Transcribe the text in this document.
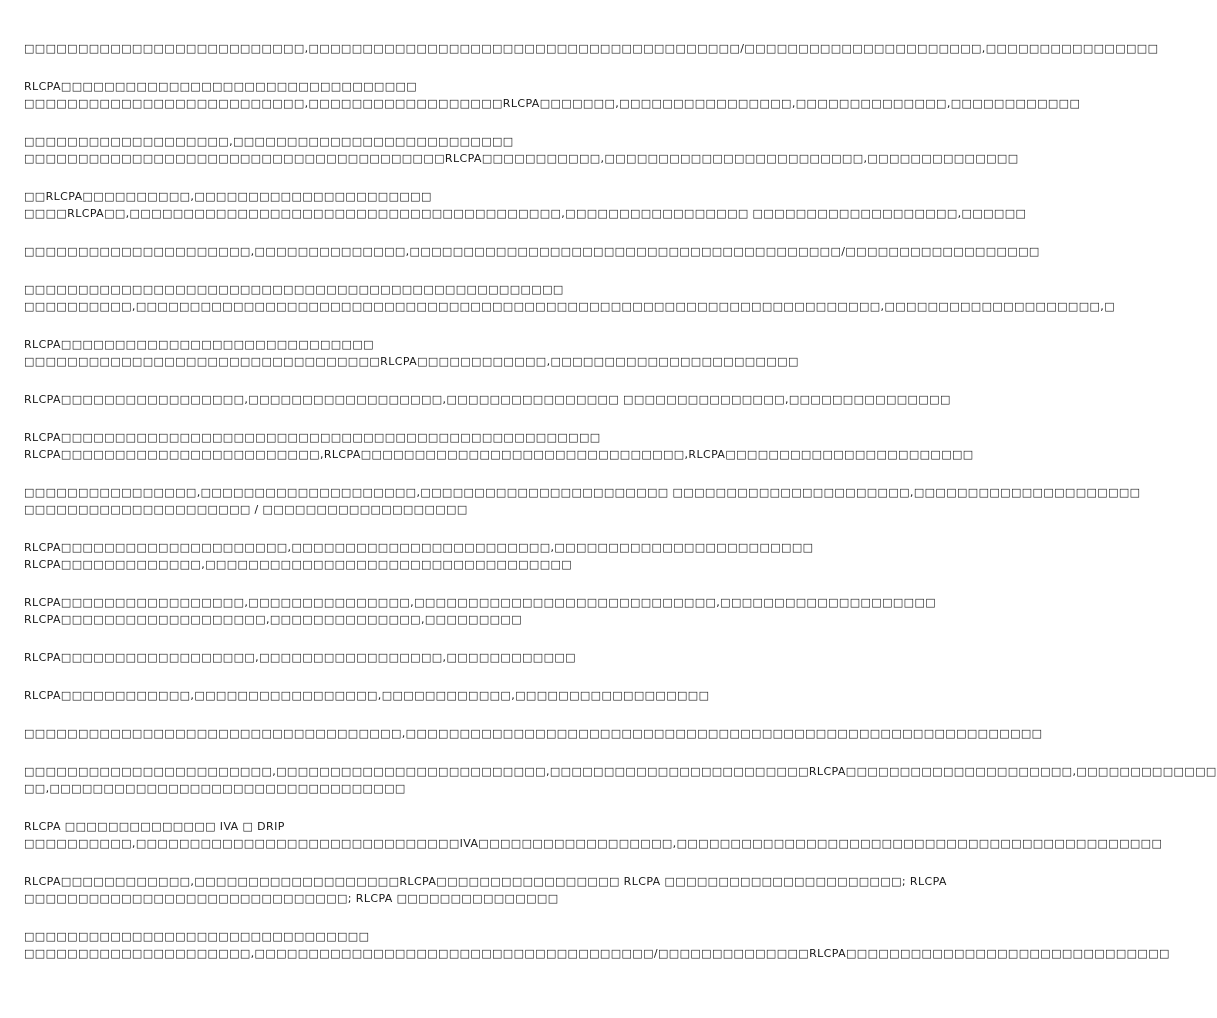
□□□□□□□□□□□□□□□□□□□□□□□□□□,□□□□□□□□□□□□□□□□□□□□□□□□□□□□□□□□□□□□□□□□/□□□□□□□□□□□□□□□□□□□□□□,□□□□□□□□□□□□□□□□
RLCPA□□□□□□□□□□□□□□□□□□□□□□□□□□□□□□□□□
□□□□□□□□□□□□□□□□□□□□□□□□□□,□□□□□□□□□□□□□□□□□□RLCPA□□□□□□□,□□□□□□□□□□□□□□□□,□□□□□□□□□□□□□□,□□□□□□□□□□□□
□□□□□□□□□□□□□□□□□□□,□□□□□□□□□□□□□□□□□□□□□□□□□□
□□□□□□□□□□□□□□□□□□□□□□□□□□□□□□□□□□□□□□□RLCPA□□□□□□□□□□□,□□□□□□□□□□□□□□□□□□□□□□□□,□□□□□□□□□□□□□□
□□RLCPA□□□□□□□□□□,□□□□□□□□□□□□□□□□□□□□□□
□□□□RLCPA□□,□□□□□□□□□□□□□□□□□□□□□□□□□□□□□□□□□□□□□□□□,□□□□□□□□□□□□□□□□□ □□□□□□□□□□□□□□□□□□□,□□□□□□
□□□□□□□□□□□□□□□□□□□□□,□□□□□□□□□□□□□□,□□□□□□□□□□□□□□□□□□□□□□□□□□□□□□□□□□□□□□□□/□□□□□□□□□□□□□□□□□□
□□□□□□□□□□□□□□□□□□□□□□□□□□□□□□□□□□□□□□□□□□□□□□□□□□
□□□□□□□□□□,□□□□□□□□□□□□□□□□□□□□□□□□□□□□□□□□□□□□□□□□□□□□□□□□□□□□□□□□□□□□□□□□□□□□□,□□□□□□□□□□□□□□□□□□□□,□
RLCPA□□□□□□□□□□□□□□□□□□□□□□□□□□□□□
□□□□□□□□□□□□□□□□□□□□□□□□□□□□□□□□□RLCPA□□□□□□□□□□□□,□□□□□□□□□□□□□□□□□□□□□□□
RLCPA□□□□□□□□□□□□□□□□□,□□□□□□□□□□□□□□□□□□,□□□□□□□□□□□□□□□□ □□□□□□□□□□□□□□□,□□□□□□□□□□□□□□□
RLCPA□□□□□□□□□□□□□□□□□□□□□□□□□□□□□□□□□□□□□□□□□□□□□□□□□□
RLCPA□□□□□□□□□□□□□□□□□□□□□□□□,RLCPA□□□□□□□□□□□□□□□□□□□□□□□□□□□□□□,RLCPA□□□□□□□□□□□□□□□□□□□□□□□
□□□□□□□□□□□□□□□□,□□□□□□□□□□□□□□□□□□□□,□□□□□□□□□□□□□□□□□□□□□□□ □□□□□□□□□□□□□□□□□□□□□□,□□□□□□□□□□□□□□□□□□□□□
□□□□□□□□□□□□□□□□□□□□□ / □□□□□□□□□□□□□□□□□□□
RLCPA□□□□□□□□□□□□□□□□□□□□□,□□□□□□□□□□□□□□□□□□□□□□□□,□□□□□□□□□□□□□□□□□□□□□□□□
RLCPA□□□□□□□□□□□□□,□□□□□□□□□□□□□□□□□□□□□□□□□□□□□□□□□□
RLCPA□□□□□□□□□□□□□□□□□,□□□□□□□□□□□□□□□,□□□□□□□□□□□□□□□□□□□□□□□□□□□□,□□□□□□□□□□□□□□□□□□□□
RLCPA□□□□□□□□□□□□□□□□□□□,□□□□□□□□□□□□□□,□□□□□□□□□
RLCPA□□□□□□□□□□□□□□□□□□,□□□□□□□□□□□□□□□□□,□□□□□□□□□□□□
RLCPA□□□□□□□□□□□□,□□□□□□□□□□□□□□□□□,□□□□□□□□□□□□,□□□□□□□□□□□□□□□□□□
□□□□□□□□□□□□□□□□□□□□□□□□□□□□□□□□□□□,□□□□□□□□□□□□□□□□□□□□□□□□□□□□□□□□□□□□□□□□□□□□□□□□□□□□□□□□□□□
□□□□□□□□□□□□□□□□□□□□□□□,□□□□□□□□□□□□□□□□□□□□□□□□□,□□□□□□□□□□□□□□□□□□□□□□□□RLCPA□□□□□□□□□□□□□□□□□□□□□,□□□□□□□□□□□□□
□□,□□□□□□□□□□□□□□□□□□□□□□□□□□□□□□□□□
RLCPA □□□□□□□□□□□□□□ IVA □ DRIP
□□□□□□□□□□,□□□□□□□□□□□□□□□□□□□□□□□□□□□□□□IVA□□□□□□□□□□□□□□□□□□,□□□□□□□□□□□□□□□□□□□□□□□□□□□□□□□□□□□□□□□□□□□□□
RLCPA□□□□□□□□□□□□,□□□□□□□□□□□□□□□□□□□RLCPA□□□□□□□□□□□□□□□□□ RLCPA □□□□□□□□□□□□□□□□□□□□□□; RLCPA
□□□□□□□□□□□□□□□□□□□□□□□□□□□□□□; RLCPA □□□□□□□□□□□□□□□
□□□□□□□□□□□□□□□□□□□□□□□□□□□□□□□□
□□□□□□□□□□□□□□□□□□□□□,□□□□□□□□□□□□□□□□□□□□□□□□□□□□□□□□□□□□□/□□□□□□□□□□□□□□RLCPA□□□□□□□□□□□□□□□□□□□□□□□□□□□□□□
